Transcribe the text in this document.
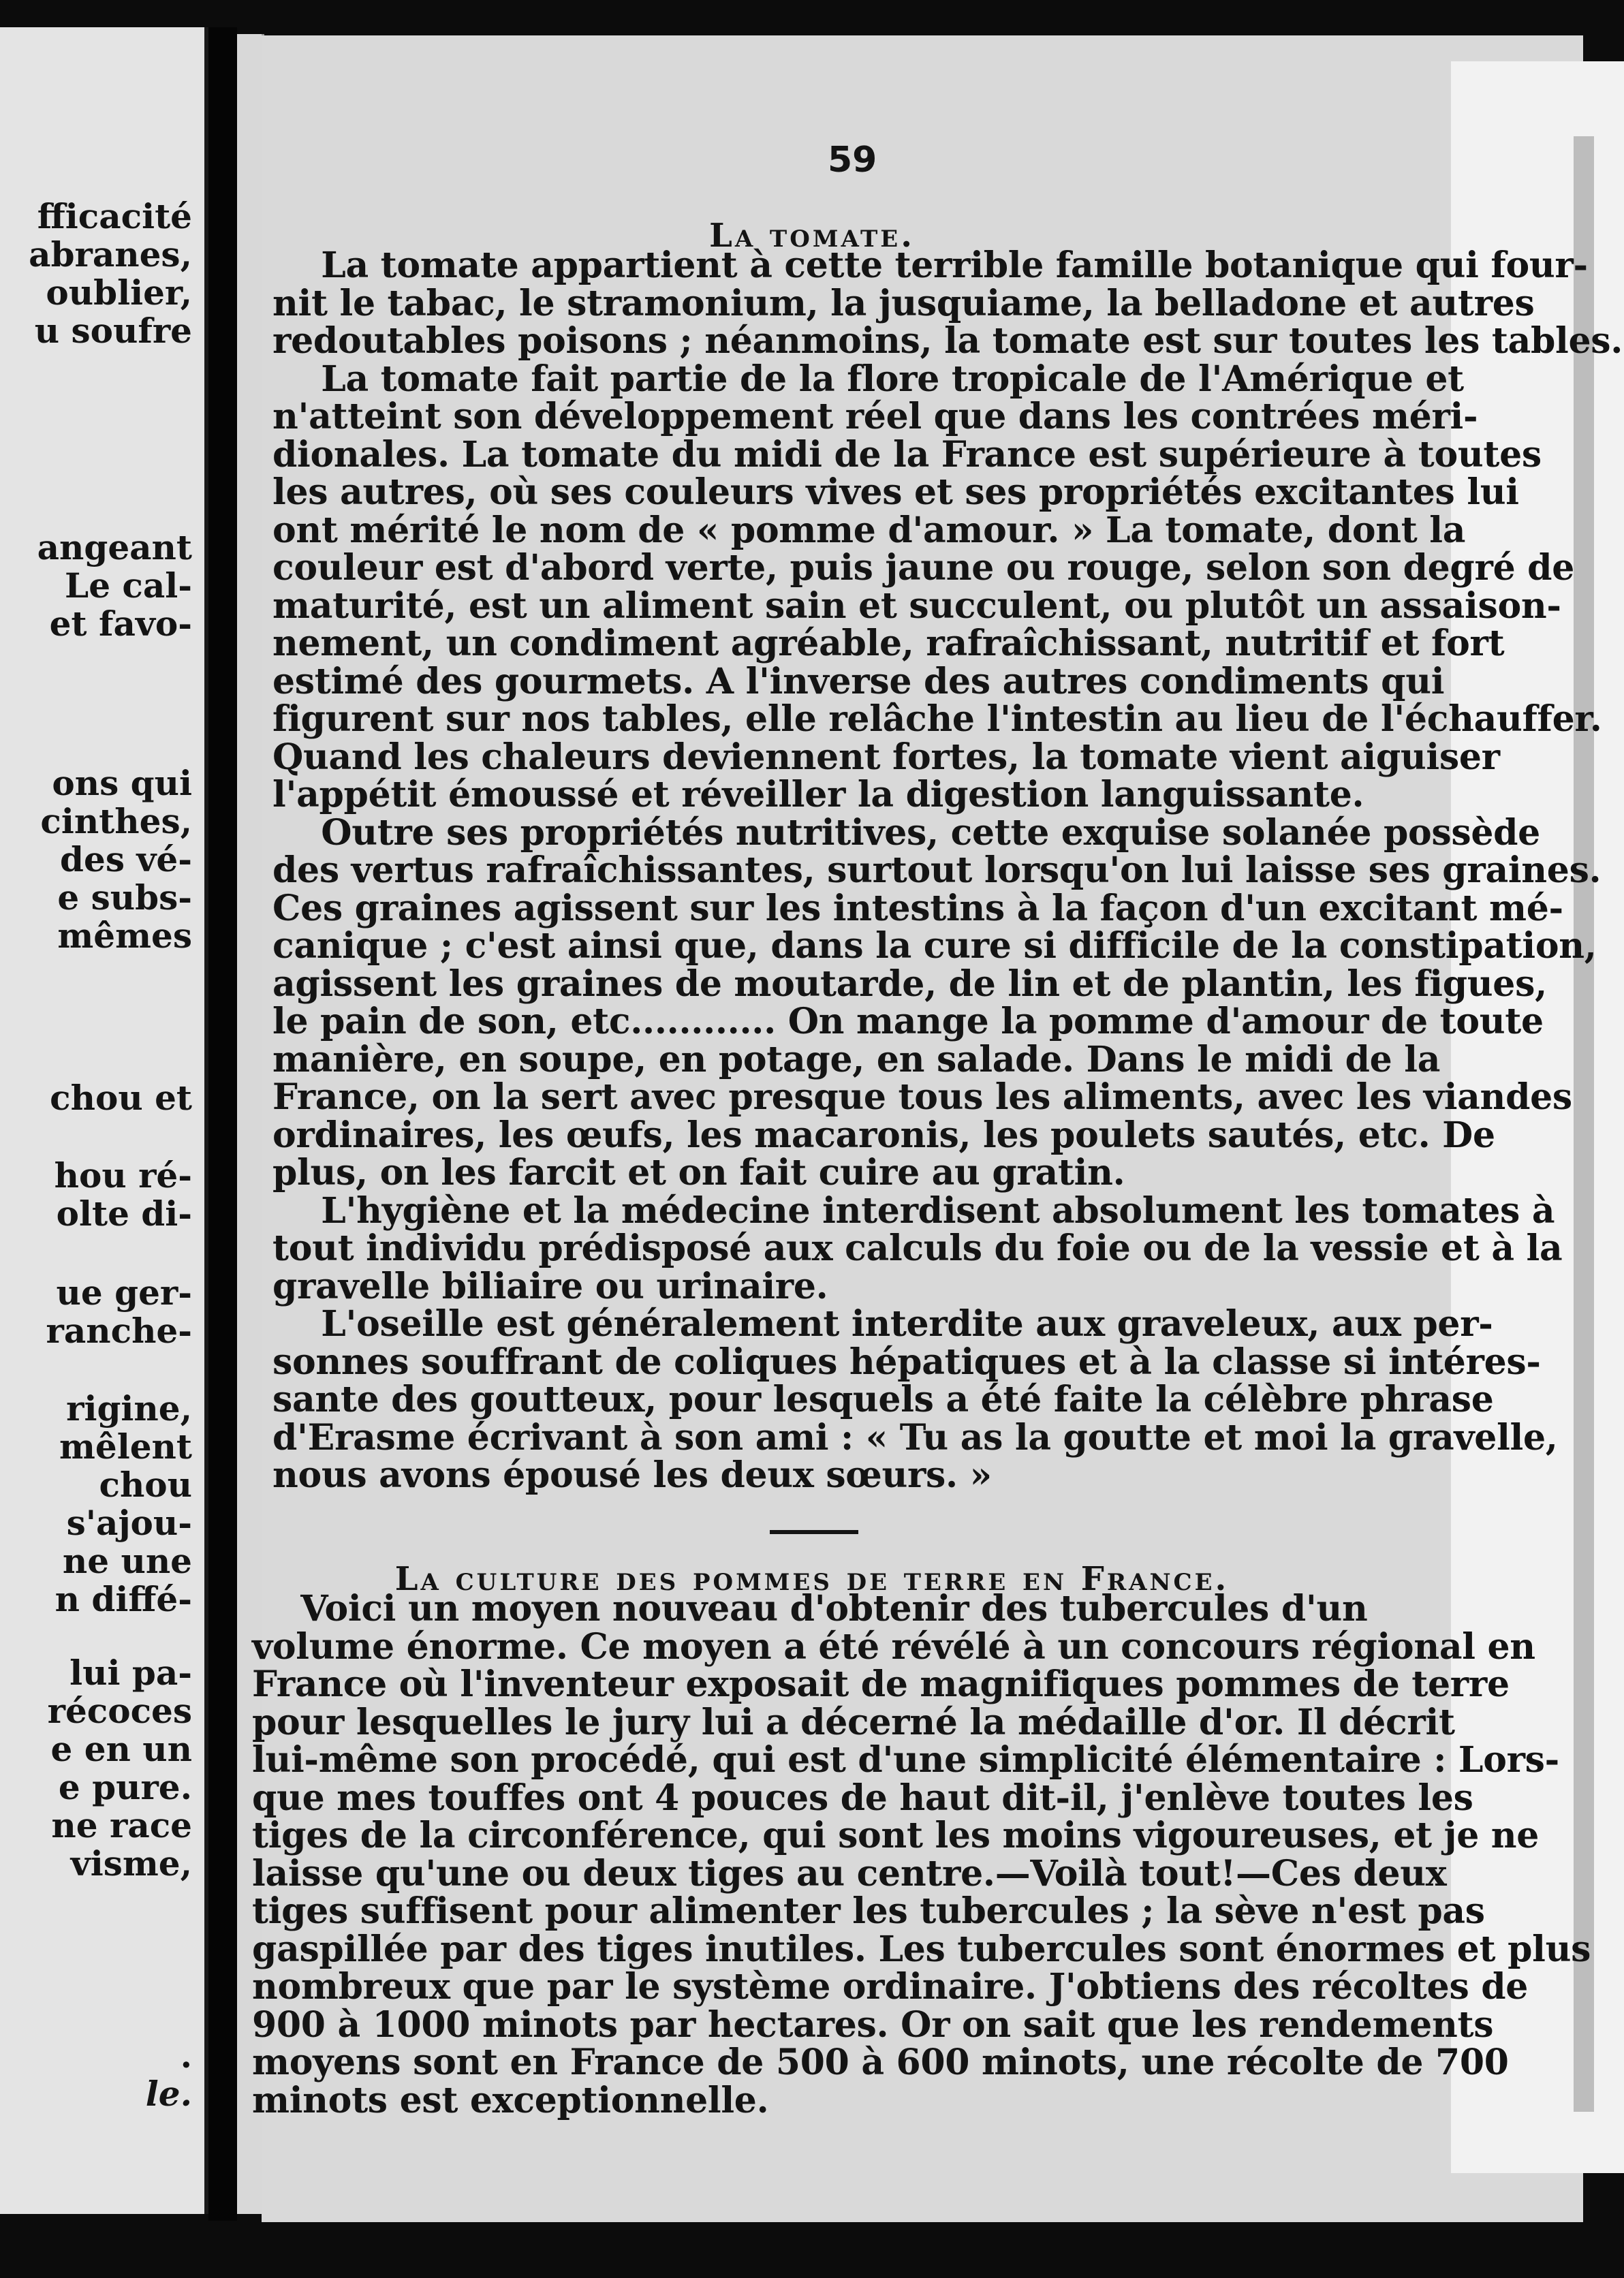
fficacité
abranes,
oublier,
u soufre
angeant
Le cal-
et favo-
ons qui
cinthes,
des vé-
e subs-
mêmes
chou et
hou ré-
olte di-
ue ger-
ranche-
rigine,
mêlent
chou
s'ajou-
ne une
n diffé-
lui pa-
récoces
e en un
e pure.
ne race
visme,
.
le.
59
La tomate.
La tomate appartient à cette terrible famille botanique qui four-
nit le tabac, le stramonium, la jusquiame, la belladone et autres
redoutables poisons ; néanmoins, la tomate est sur toutes les tables.
La tomate fait partie de la flore tropicale de l'Amérique et
n'atteint son développement réel que dans les contrées méri-
dionales. La tomate du midi de la France est supérieure à toutes
les autres, où ses couleurs vives et ses propriétés excitantes lui
ont mérité le nom de « pomme d'amour. » La tomate, dont la
couleur est d'abord verte, puis jaune ou rouge, selon son degré de
maturité, est un aliment sain et succulent, ou plutôt un assaison-
nement, un condiment agréable, rafraîchissant, nutritif et fort
estimé des gourmets. A l'inverse des autres condiments qui
figurent sur nos tables, elle relâche l'intestin au lieu de l'échauffer.
Quand les chaleurs deviennent fortes, la tomate vient aiguiser
l'appétit émoussé et réveiller la digestion languissante.
Outre ses propriétés nutritives, cette exquise solanée possède
des vertus rafraîchissantes, surtout lorsqu'on lui laisse ses graines.
Ces graines agissent sur les intestins à la façon d'un excitant mé-
canique ; c'est ainsi que, dans la cure si difficile de la constipation,
agissent les graines de moutarde, de lin et de plantin, les figues,
le pain de son, etc............ On mange la pomme d'amour de toute
manière, en soupe, en potage, en salade. Dans le midi de la
France, on la sert avec presque tous les aliments, avec les viandes
ordinaires, les œufs, les macaronis, les poulets sautés, etc. De
plus, on les farcit et on fait cuire au gratin.
L'hygiène et la médecine interdisent absolument les tomates à
tout individu prédisposé aux calculs du foie ou de la vessie et à la
gravelle biliaire ou urinaire.
L'oseille est généralement interdite aux graveleux, aux per-
sonnes souffrant de coliques hépatiques et à la classe si intéres-
sante des goutteux, pour lesquels a été faite la célèbre phrase
d'Erasme écrivant à son ami : « Tu as la goutte et moi la gravelle,
nous avons épousé les deux sœurs. »
La culture des pommes de terre en France.
Voici un moyen nouveau d'obtenir des tubercules d'un
volume énorme. Ce moyen a été révélé à un concours régional en
France où l'inventeur exposait de magnifiques pommes de terre
pour lesquelles le jury lui a décerné la médaille d'or. Il décrit
lui-même son procédé, qui est d'une simplicité élémentaire : Lors-
que mes touffes ont 4 pouces de haut dit-il, j'enlève toutes les
tiges de la circonférence, qui sont les moins vigoureuses, et je ne
laisse qu'une ou deux tiges au centre.—Voilà tout!—Ces deux
tiges suffisent pour alimenter les tubercules ; la sève n'est pas
gaspillée par des tiges inutiles. Les tubercules sont énormes et plus
nombreux que par le système ordinaire. J'obtiens des récoltes de
900 à 1000 minots par hectares. Or on sait que les rendements
moyens sont en France de 500 à 600 minots, une récolte de 700
minots est exceptionnelle.
